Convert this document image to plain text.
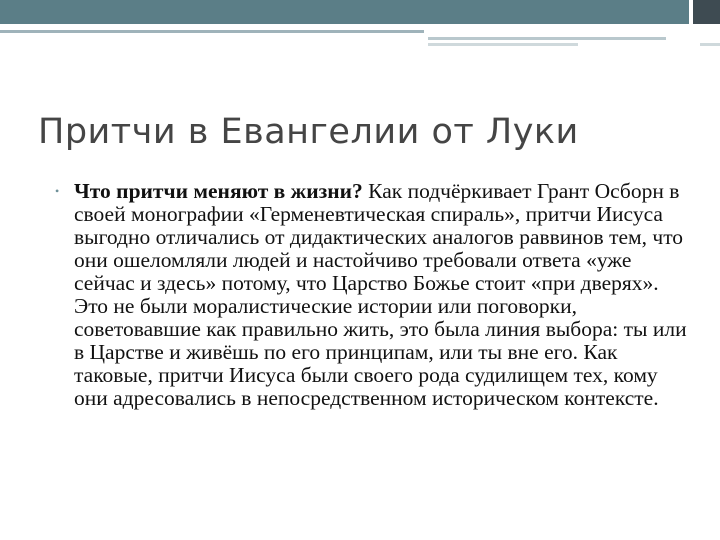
Притчи в Евангелии от Луки
• Что притчи меняют в жизни? Как подчёркивает Грант Осборн в своей монографии «Герменевтическая спираль», притчи Иисуса выгодно отличались от дидактических аналогов раввинов тем, что они ошеломляли людей и настойчиво требовали ответа «уже сейчас и здесь» потому, что Царство Божье стоит «при дверях». Это не были моралистические истории или поговорки, советовавшие как правильно жить, это была линия выбора: ты или в Царстве и живёшь по его принципам, или ты вне его. Как таковые, притчи Иисуса были своего рода судилищем тех, кому они адресовались в непосредственном историческом контексте.
